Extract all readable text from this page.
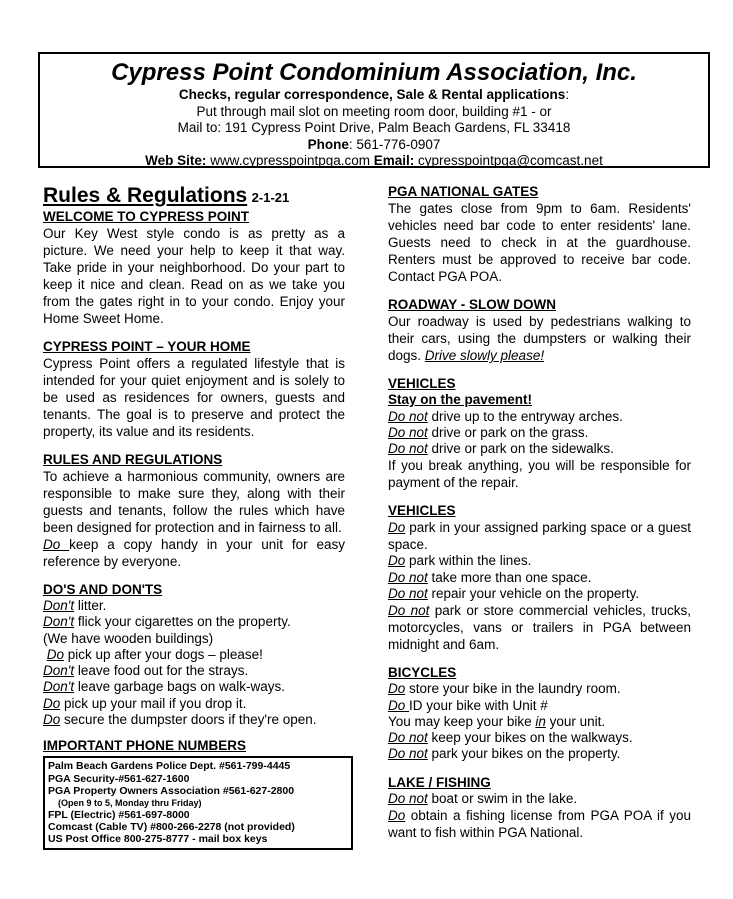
Cypress Point Condominium Association, Inc.
Checks, regular correspondence, Sale & Rental applications:
Put through mail slot on meeting room door, building #1 - or
Mail to: 191 Cypress Point Drive, Palm Beach Gardens, FL 33418
Phone: 561-776-0907
Web Site: www.cypresspointpga.com Email: cypresspointpga@comcast.net
Rules & Regulations 2-1-21
WELCOME TO CYPRESS POINT
Our Key West style condo is as pretty as a picture. We need your help to keep it that way. Take pride in your neighborhood. Do your part to keep it nice and clean. Read on as we take you from the gates right in to your condo. Enjoy your Home Sweet Home.
CYPRESS POINT – YOUR HOME
Cypress Point offers a regulated lifestyle that is intended for your quiet enjoyment and is solely to be used as residences for owners, guests and tenants. The goal is to preserve and protect the property, its value and its residents.
RULES AND REGULATIONS
To achieve a harmonious community, owners are responsible to make sure they, along with their guests and tenants, follow the rules which have been designed for protection and in fairness to all.
Do keep a copy handy in your unit for easy reference by everyone.
DO'S AND DON'TS
Don't litter.
Don't flick your cigarettes on the property.
(We have wooden buildings)
Do pick up after your dogs – please!
Don't leave food out for the strays.
Don't leave garbage bags on walk-ways.
Do pick up your mail if you drop it.
Do secure the dumpster doors if they're open.
IMPORTANT PHONE NUMBERS
Palm Beach Gardens Police Dept. #561-799-4445
PGA Security-#561-627-1600
PGA Property Owners Association #561-627-2800
(Open 9 to 5, Monday thru Friday)
FPL (Electric) #561-697-8000
Comcast (Cable TV) #800-266-2278 (not provided)
US Post Office 800-275-8777 - mail box keys
PGA NATIONAL GATES
The gates close from 9pm to 6am. Residents' vehicles need bar code to enter residents' lane. Guests need to check in at the guardhouse. Renters must be approved to receive bar code. Contact PGA POA.
ROADWAY - SLOW DOWN
Our roadway is used by pedestrians walking to their cars, using the dumpsters or walking their dogs. Drive slowly please!
VEHICLES
Stay on the pavement!
Do not drive up to the entryway arches.
Do not drive or park on the grass.
Do not drive or park on the sidewalks.
If you break anything, you will be responsible for payment of the repair.
VEHICLES
Do park in your assigned parking space or a guest space.
Do park within the lines.
Do not take more than one space.
Do not repair your vehicle on the property.
Do not park or store commercial vehicles, trucks, motorcycles, vans or trailers in PGA between midnight and 6am.
BICYCLES
Do store your bike in the laundry room.
Do ID your bike with Unit #
You may keep your bike in your unit.
Do not keep your bikes on the walkways.
Do not park your bikes on the property.
LAKE / FISHING
Do not boat or swim in the lake.
Do obtain a fishing license from PGA POA if you want to fish within PGA National.
